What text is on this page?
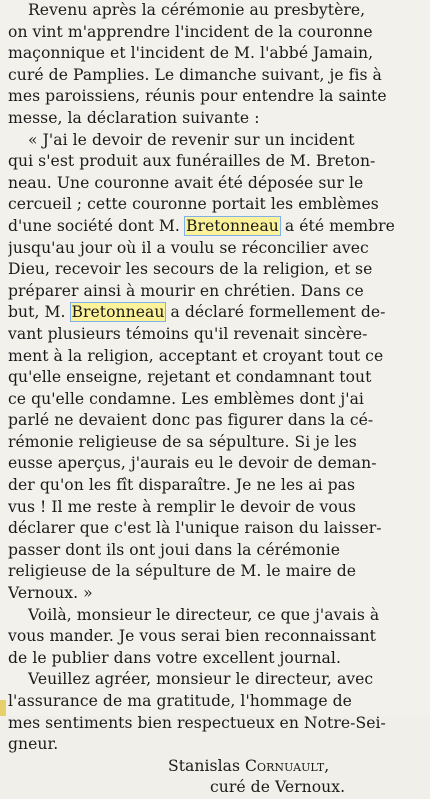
Revenu après la cérémonie au presbytère,
on vint m'apprendre l'incident de la couronne
maçonnique et l'incident de M. l'abbé Jamain,
curé de Pamplies. Le dimanche suivant, je fis à
mes paroissiens, réunis pour entendre la sainte
messe, la déclaration suivante :
« J'ai le devoir de revenir sur un incident
qui s'est produit aux funérailles de M. Breton-
neau. Une couronne avait été déposée sur le
cercueil ; cette couronne portait les emblèmes
d'une société dont M. Bretonneau a été membre
jusqu'au jour où il a voulu se réconcilier avec
Dieu, recevoir les secours de la religion, et se
préparer ainsi à mourir en chrétien. Dans ce
but, M. Bretonneau a déclaré formellement de-
vant plusieurs témoins qu'il revenait sincère-
ment à la religion, acceptant et croyant tout ce
qu'elle enseigne, rejetant et condamnant tout
ce qu'elle condamne. Les emblèmes dont j'ai
parlé ne devaient donc pas figurer dans la cé-
rémonie religieuse de sa sépulture. Si je les
eusse aperçus, j'aurais eu le devoir de deman-
der qu'on les fît disparaître. Je ne les ai pas
vus ! Il me reste à remplir le devoir de vous
déclarer que c'est là l'unique raison du laisser-
passer dont ils ont joui dans la cérémonie
religieuse de la sépulture de M. le maire de
Vernoux. »
Voilà, monsieur le directeur, ce que j'avais à
vous mander. Je vous serai bien reconnaissant
de le publier dans votre excellent journal.
Veuillez agréer, monsieur le directeur, avec
l'assurance de ma gratitude, l'hommage de
mes sentiments bien respectueux en Notre-Sei-
gneur.
Stanislas Cornuault,
curé de Vernoux.
